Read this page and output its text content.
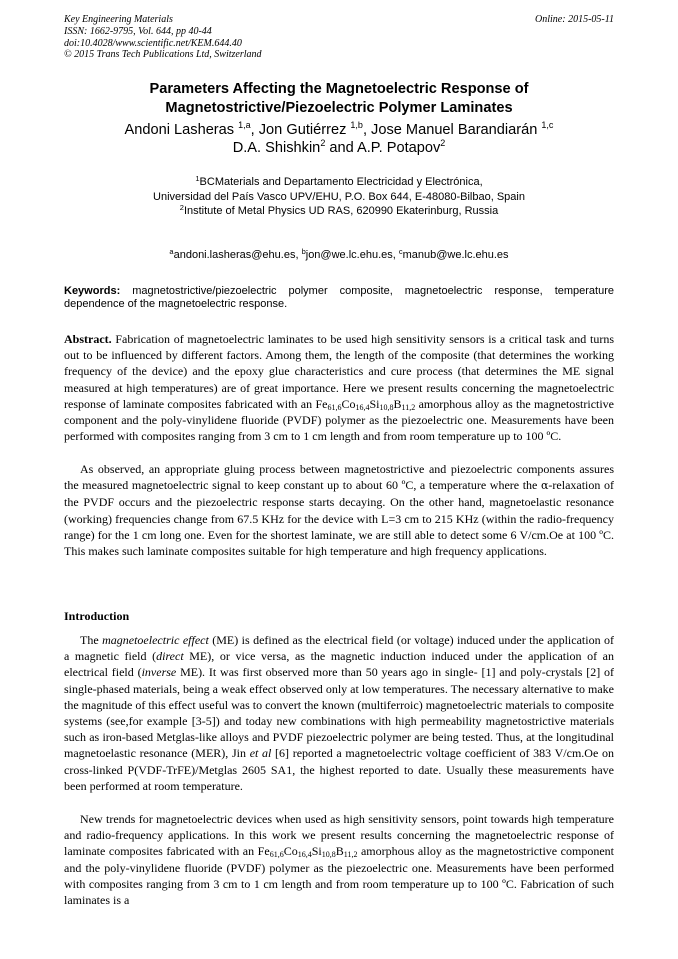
Key Engineering Materials
ISSN: 1662-9795, Vol. 644, pp 40-44
doi:10.4028/www.scientific.net/KEM.644.40
© 2015 Trans Tech Publications Ltd, Switzerland
Online: 2015-05-11
Parameters Affecting the Magnetoelectric Response of
Magnetostrictive/Piezoelectric Polymer Laminates
Andoni Lasheras $^{1,a}$, Jon Gutiérrez $^{1,b}$, Jose Manuel Barandiarán $^{1,c}$
D.A. Shishkin$^2$ and A.P. Potapov$^2$
$^1$BCMaterials and Departamento Electricidad y Electrónica,
Universidad del País Vasco UPV/EHU, P.O. Box 644, E-48080-Bilbao, Spain
$^2$Institute of Metal Physics UD RAS, 620990 Ekaterinburg, Russia
$^a$andoni.lasheras@ehu.es, $^b$jon@we.lc.ehu.es, $^c$manub@we.lc.ehu.es
Keywords: magnetostrictive/piezoelectric polymer composite, magnetoelectric response, temperature dependence of the magnetoelectric response.

Abstract. Fabrication of magnetoelectric laminates to be used high sensitivity sensors is a critical task and turns out to be influenced by different factors. Among them, the length of the composite (that determines the working frequency of the device) and the epoxy glue characteristics and cure process (that determines the ME signal measured at high temperatures) are of great importance. Here we present results concerning the magnetoelectric response of laminate composites fabricated with an $Fe_{61,6}Co_{16,4}Si_{10,8}B_{11,2}$ amorphous alloy as the magnetostrictive component and the poly-vinylidene fluoride (PVDF) polymer as the piezoelectric one. Measurements have been performed with composites ranging from 3 cm to 1 cm length and from room temperature up to 100 ºC.

As observed, an appropriate gluing process between magnetostrictive and piezoelectric components assures the measured magnetoelectric signal to keep constant up to about 60 ºC, a temperature where the α-relaxation of the PVDF occurs and the piezoelectric response starts decaying. On the other hand, magnetoelastic resonance (working) frequencies change from 67.5 KHz for the device with L=3 cm to 215 KHz (within the radio-frequency range) for the 1 cm long one. Even for the shortest laminate, we are still able to detect some 6 V/cm.Oe at 100 ºC. This makes such laminate composites suitable for high temperature and high frequency applications.

Introduction

The magnetoelectric effect (ME) is defined as the electrical field (or voltage) induced under the application of a magnetic field (direct ME), or vice versa, as the magnetic induction induced under the application of an electrical field (inverse ME). It was first observed more than 50 years ago in single- [1] and poly-crystals [2] of single-phased materials, being a weak effect observed only at low temperatures. The necessary alternative to make the magnitude of this effect useful was to convert the known (multiferroic) magnetoelectric materials to composite systems (see,for example [3-5]) and today new combinations with high permeability magnetostrictive materials such as iron-based Metglas-like alloys and PVDF piezoelectric polymer are being tested. Thus, at the longitudinal magnetoelastic resonance (MER), Jin et al [6] reported a magnetoelectric voltage coefficient of 383 V/cm.Oe on cross-linked P(VDF-TrFE)/Metglas 2605 SA1, the highest reported to date. Usually these measurements have been performed at room temperature.

New trends for magnetoelectric devices when used as high sensitivity sensors, point towards high temperature and radio-frequency applications. In this work we present results concerning the magnetoelectric response of laminate composites fabricated with an $Fe_{61,6}Co_{16,4}Si_{10,8}B_{11,2}$ amorphous alloy as the magnetostrictive component and the poly-vinylidene fluoride (PVDF) polymer as the piezoelectric one. Measurements have been performed with composites ranging from 3 cm to 1 cm length and from room temperature up to 100 ºC. Fabrication of such laminates is a
